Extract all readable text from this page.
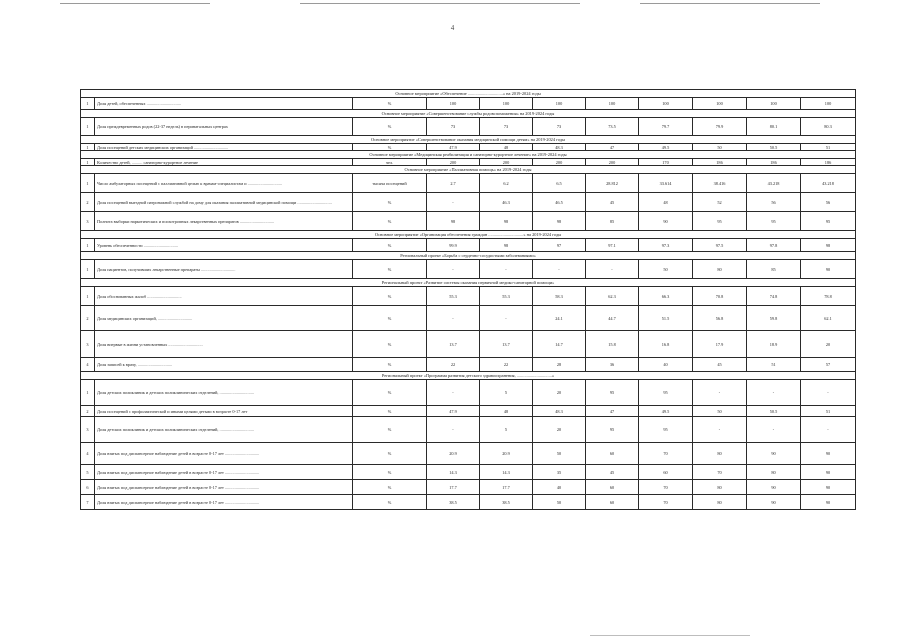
4
Основное мероприятие «Обеспечение ................................» на 2019-2024 годы										
1	Доля детей, обеспеченных ................................	%	100	100	100	100	100	100	100	100
Основное мероприятие «Совершенствование службы родовспоможения» на 2019-2024 годы										
1	Доля преждевременных родов (22-37 недель) в перинатальных центрах	%	73	73	73	73.5	79.7	79.9	80.1	80.3
Основное мероприятие «Совершенствование оказания медицинской помощи детям» на 2019-2024 годы										
1	Доля посещений детских медицинских организаций ................................	%	47.9	48	48.3	47	49.5	50	50.5	51
Основное мероприятие «Медицинская реабилитация и санаторно-курортное лечение» на 2019-2024 годы										
1	Количество детей, .......... санаторно-курортное лечение	чел.	200	200	200	200	170	186	186	186
Основное мероприятие «Паллиативная помощь» на 2019-2024 годы										
1	Число амбулаторных посещений с паллиативной целью к врачам-специалистам и ................................	тысяча посещений	2.7	6.2	6.5	28.812	33.614	38.416	43.218	43.218
2	Доля посещений выездной патронажной службой на дому для оказания паллиативной медицинской помощи ................................	%	-	46.3	46.5	45	48	52	56	56
3	Полнота выборки наркотических и психотропных лекарственных препаратов ................................	%	98	98	98	85	90	95	95	95
Основное мероприятие «Организация обеспечения граждан ................................» на 2019-2024 годы										
1	Уровень обеспеченности ................................	%	99.9	98	97	97.1	97.3	97.5	97.8	98
Региональный проект «Борьба с сердечно-сосудистыми заболеваниями»										
1	Доля пациентов, получивших лекарственные препараты ................................	%	-	-	-	-	50	80	85	90
Региональный проект «Развитие системы оказания первичной медико-санитарной помощи»										
1	Доля обоснованных жалоб ................................	%	55.3	55.3	58.3	62.3	66.3	70.8	74.8	78.8
2	Доля медицинских организаций, ................................	%	-	-	24.1	44.7	51.5	56.8	59.8	62.1
3	Доля впервые в жизни установленных ................................	%	13.7	13.7	14.7	15.8	16.8	17.9	18.9	20
4	Доля записей к врачу, ................................	%	22	22	28	36	40	45	51	57
Региональный проект «Программа развития детского здравоохранения, ................................»										
1	Доля детских поликлиник и детских поликлинических отделений, ................................	%	-	5	20	95	95	-	-	-
2	Доля посещений с профилактической и иными целями детьми в возрасте 0-17 лет	%	47.9	48	48.3	47	49.5	50	50.5	51
3	Доля детских поликлиник и детских поликлинических отделений, ................................	%	-	5	20	95	95	-	-	-
4	Доля взятых под диспансерное наблюдение детей в возрасте 0-17 лет ................................	%	20.9	20.9	50	60	70	80	90	90
5	Доля взятых под диспансерное наблюдение детей в возрасте 0-17 лет ................................	%	14.3	14.3	35	45	60	70	80	90
6	Доля взятых под диспансерное наблюдение детей в возрасте 0-17 лет ................................	%	17.7	17.7	40	60	70	80	90	90
7	Доля взятых под диспансерное наблюдение детей в возрасте 0-17 лет ................................	%	38.5	38.5	50	60	70	80	90	90
